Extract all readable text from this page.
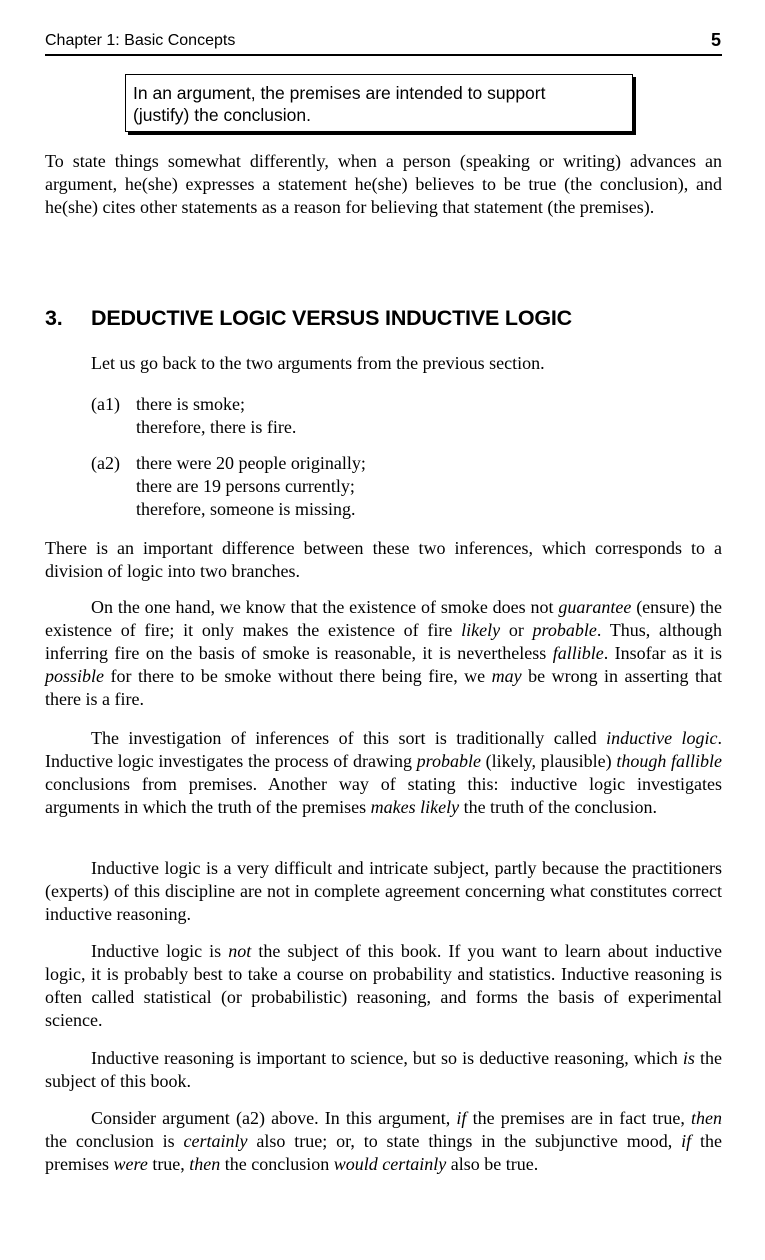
Chapter 1: Basic Concepts	5
In an argument, the premises are intended to support
(justify) the conclusion.
To state things somewhat differently, when a person (speaking or writing) advances an argument, he(she) expresses a statement he(she) believes to be true (the conclusion), and he(she) cites other statements as a reason for believing that statement (the premises).
3. DEDUCTIVE LOGIC VERSUS INDUCTIVE LOGIC
Let us go back to the two arguments from the previous section.
(a1) there is smoke;
therefore, there is fire.
(a2) there were 20 people originally;
there are 19 persons currently;
therefore, someone is missing.
There is an important difference between these two inferences, which corresponds to a division of logic into two branches.
On the one hand, we know that the existence of smoke does not guarantee (ensure) the existence of fire; it only makes the existence of fire likely or probable. Thus, although inferring fire on the basis of smoke is reasonable, it is nevertheless fallible. Insofar as it is possible for there to be smoke without there being fire, we may be wrong in asserting that there is a fire.
The investigation of inferences of this sort is traditionally called inductive logic. Inductive logic investigates the process of drawing probable (likely, plausible) though fallible conclusions from premises. Another way of stating this: inductive logic investigates arguments in which the truth of the premises makes likely the truth of the conclusion.
Inductive logic is a very difficult and intricate subject, partly because the practitioners (experts) of this discipline are not in complete agreement concerning what constitutes correct inductive reasoning.
Inductive logic is not the subject of this book. If you want to learn about inductive logic, it is probably best to take a course on probability and statistics. Inductive reasoning is often called statistical (or probabilistic) reasoning, and forms the basis of experimental science.
Inductive reasoning is important to science, but so is deductive reasoning, which is the subject of this book.
Consider argument (a2) above. In this argument, if the premises are in fact true, then the conclusion is certainly also true; or, to state things in the subjunctive mood, if the premises were true, then the conclusion would certainly also be true.
